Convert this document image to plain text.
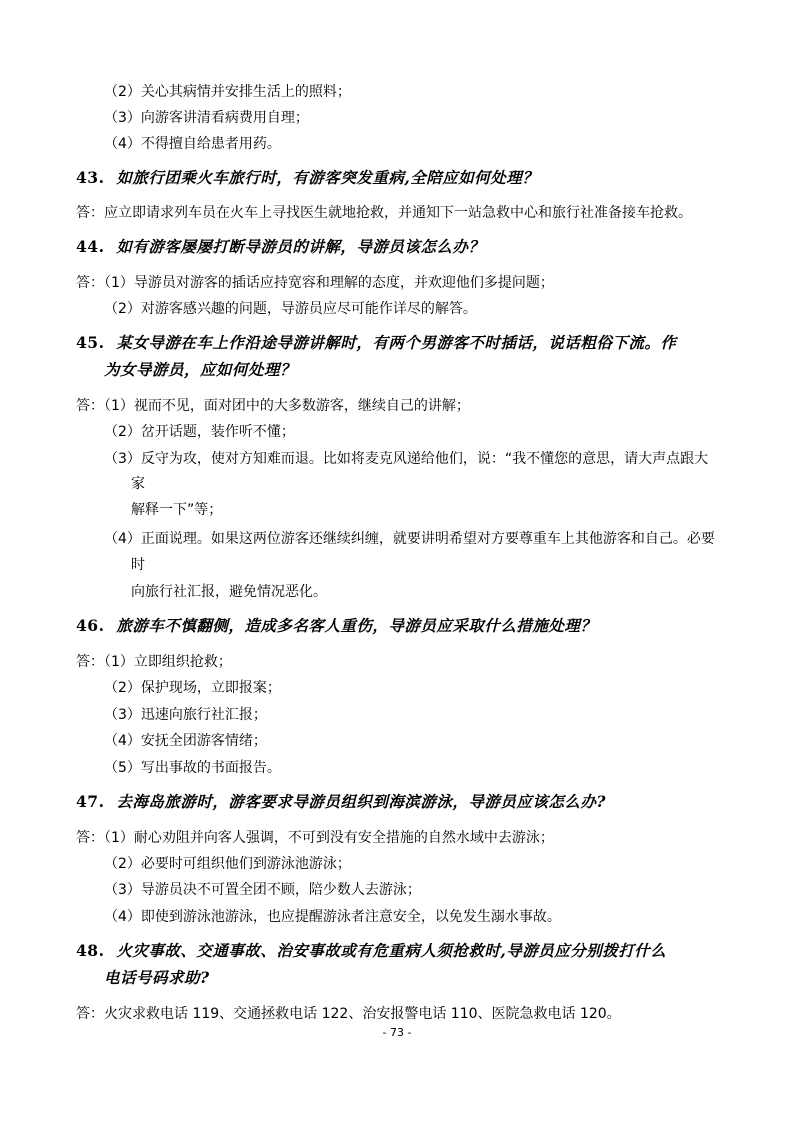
（2）关心其病情并安排生活上的照料；
（3）向游客讲清看病费用自理；
（4）不得擅自给患者用药。
43. 如旅行团乘火车旅行时，有游客突发重病,全陪应如何处理？
答：应立即请求列车员在火车上寻找医生就地抢救，并通知下一站急救中心和旅行社准备接车抢救。
44. 如有游客屡屡打断导游员的讲解，导游员该怎么办？
答：（1）导游员对游客的插话应持宽容和理解的态度，并欢迎他们多提问题；
（2）对游客感兴趣的问题，导游员应尽可能作详尽的解答。
45. 某女导游在车上作沿途导游讲解时，有两个男游客不时插话，说话粗俗下流。作
为女导游员，应如何处理？
答：（1）视而不见，面对团中的大多数游客，继续自己的讲解；
（2）岔开话题，装作听不懂；
（3）反守为攻，使对方知难而退。比如将麦克风递给他们，说：“我不懂您的意思，请大声点跟大
家
解释一下”等；
（4）正面说理。如果这两位游客还继续纠缠，就要讲明希望对方要尊重车上其他游客和自己。必要
时
向旅行社汇报，避免情况恶化。
46. 旅游车不慎翻侧，造成多名客人重伤，导游员应采取什么措施处理？
答：（1）立即组织抢救；
（2）保护现场，立即报案；
（3）迅速向旅行社汇报；
（4）安抚全团游客情绪；
（5）写出事故的书面报告。
47. 去海岛旅游时，游客要求导游员组织到海滨游泳，导游员应该怎么办?
答：（1）耐心劝阻并向客人强调，不可到没有安全措施的自然水域中去游泳；
（2）必要时可组织他们到游泳池游泳；
（3）导游员决不可置全团不顾，陪少数人去游泳；
（4）即使到游泳池游泳，也应提醒游泳者注意安全，以免发生溺水事故。
48. 火灾事故、交通事故、治安事故或有危重病人须抢救时,导游员应分别拨打什么
电话号码求助?
答：火灾求救电话 119、交通拯救电话 122、治安报警电话 110、医院急救电话 120。
- 73 -
